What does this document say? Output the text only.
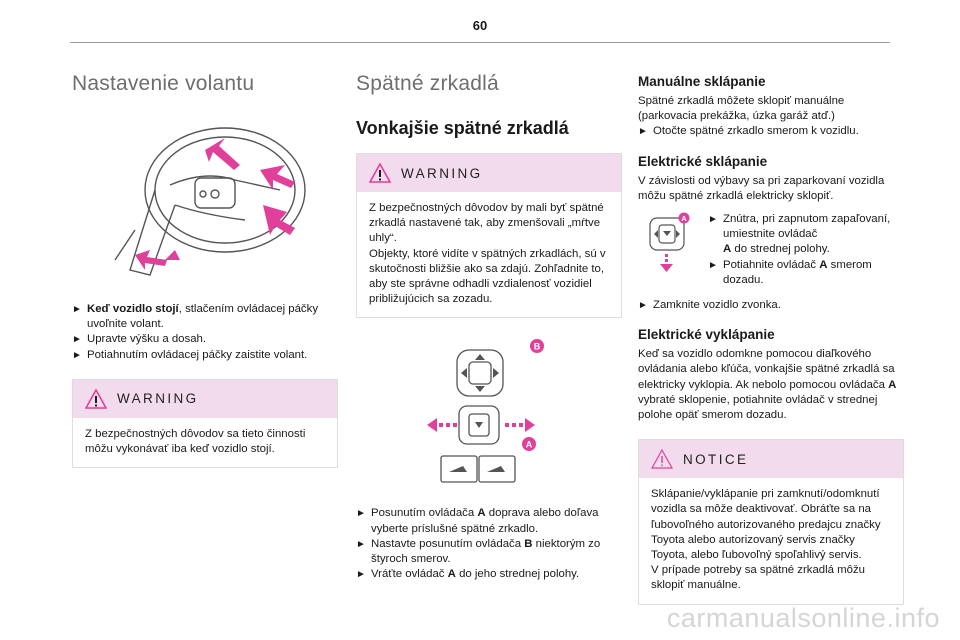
60
Nastavenie volantu
► Keď vozidlo stojí, stlačením ovládacej páčky uvoľnite volant.
► Upravte výšku a dosah.
► Potiahnutím ovládacej páčky zaistite volant.
WARNING
Z bezpečnostných dôvodov sa tieto činnosti môžu vykonávať iba keď vozidlo stojí.
Spätné zrkadlá
Vonkajšie spätné zrkadlá
WARNING
Z bezpečnostných dôvodov by mali byť spätné zrkadlá nastavené tak, aby zmenšovali „mŕtve uhly“.
Objekty, ktoré vidíte v spätných zrkadlách, sú v skutočnosti bližšie ako sa zdajú. Zohľadnite to, aby ste správne odhadli vzdialenosť vozidiel približujúcich sa zozadu.
B
A
► Posunutím ovládača A doprava alebo doľava vyberte príslušné spätné zrkadlo.
► Nastavte posunutím ovládača B niektorým zo štyroch smerov.
► Vráťte ovládač A do jeho strednej polohy.
Manuálne sklápanie

Spätné zrkadlá môžete sklopiť manuálne (parkovacia prekážka, úzka garáž atď.)

► Otočte spätné zrkadlo smerom k vozidlu.
Elektrické sklápanie
V závislosti od výbavy sa pri zaparkovaní vozidla môžu spätné zrkadlá elektricky sklopiť.
A ► Znútra, pri zapnutom zapaľovaní, umiestnite ovládač
A do strednej polohy.
► Potiahnite ovládač A smerom dozadu.
► Zamknite vozidlo zvonka.
Elektrické vyklápanie
Keď sa vozidlo odomkne pomocou diaľkového ovládania alebo kľúča, vonkajšie spätné zrkadlá sa elektricky vyklopia. Ak nebolo pomocou ovládača A vybraté sklopenie, potiahnite ovládač v strednej polohe opäť smerom dozadu.
NOTICE
Sklápanie/vyklápanie pri zamknutí/odomknutí vozidla sa môže deaktivovať. Obráťte sa na ľubovoľného autorizovaného predajcu značky Toyota alebo autorizovaný servis značky Toyota, alebo ľubovoľný spoľahlivý servis.
V prípade potreby sa spätné zrkadlá môžu sklopiť manuálne.
carmanualsonline.info
